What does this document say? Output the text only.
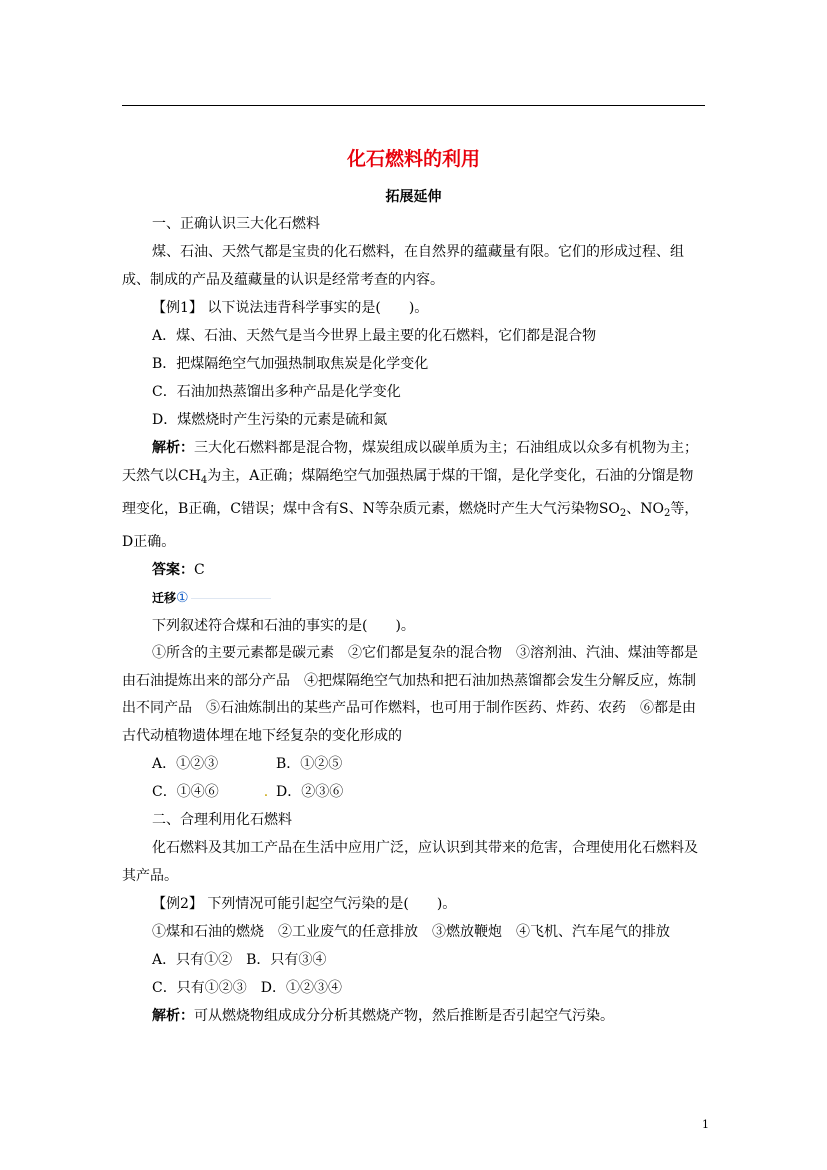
化石燃料的利用
拓展延伸

一、正确认识三大化石燃料

煤、石油、天然气都是宝贵的化石燃料，在自然界的蕴藏量有限。它们的形成过程、组成、制成的产品及蕴藏量的认识是经常考查的内容。

【例1】 以下说法违背科学事实的是(　　)。

A．煤、石油、天然气是当今世界上最主要的化石燃料，它们都是混合物

B．把煤隔绝空气加强热制取焦炭是化学变化

C．石油加热蒸馏出多种产品是化学变化

D．煤燃烧时产生污染的元素是硫和氮

解析：三大化石燃料都是混合物，煤炭组成以碳单质为主；石油组成以众多有机物为主；天然气以$CH_4$为主，A正确；煤隔绝空气加强热属于煤的干馏，是化学变化，石油的分馏是物理变化，B正确，C错误；煤中含有S、N等杂质元素，燃烧时产生大气污染物$SO_2$、$NO_2$等，D正确。

答案：C

迁移①

下列叙述符合煤和石油的事实的是(　　)。

①所含的主要元素都是碳元素　②它们都是复杂的混合物　③溶剂油、汽油、煤油等都是由石油提炼出来的部分产品　④把煤隔绝空气加热和把石油加热蒸馏都会发生分解反应，炼制出不同产品　⑤石油炼制出的某些产品可作燃料，也可用于制作医药、炸药、农药　⑥都是由古代动植物遗体埋在地下经复杂的变化形成的

A．①②③	B．①②⑤

C．①④⑥	. D．②③⑥

二、合理利用化石燃料

化石燃料及其加工产品在生活中应用广泛，应认识到其带来的危害，合理使用化石燃料及其产品。

【例2】 下列情况可能引起空气污染的是(　　)。

①煤和石油的燃烧　②工业废气的任意排放　③燃放鞭炮　④飞机、汽车尾气的排放

A．只有①②　 B．只有③④

C．只有①②③　 D．①②③④

解析：可从燃烧物组成成分分析其燃烧产物，然后推断是否引起空气污染。

1
